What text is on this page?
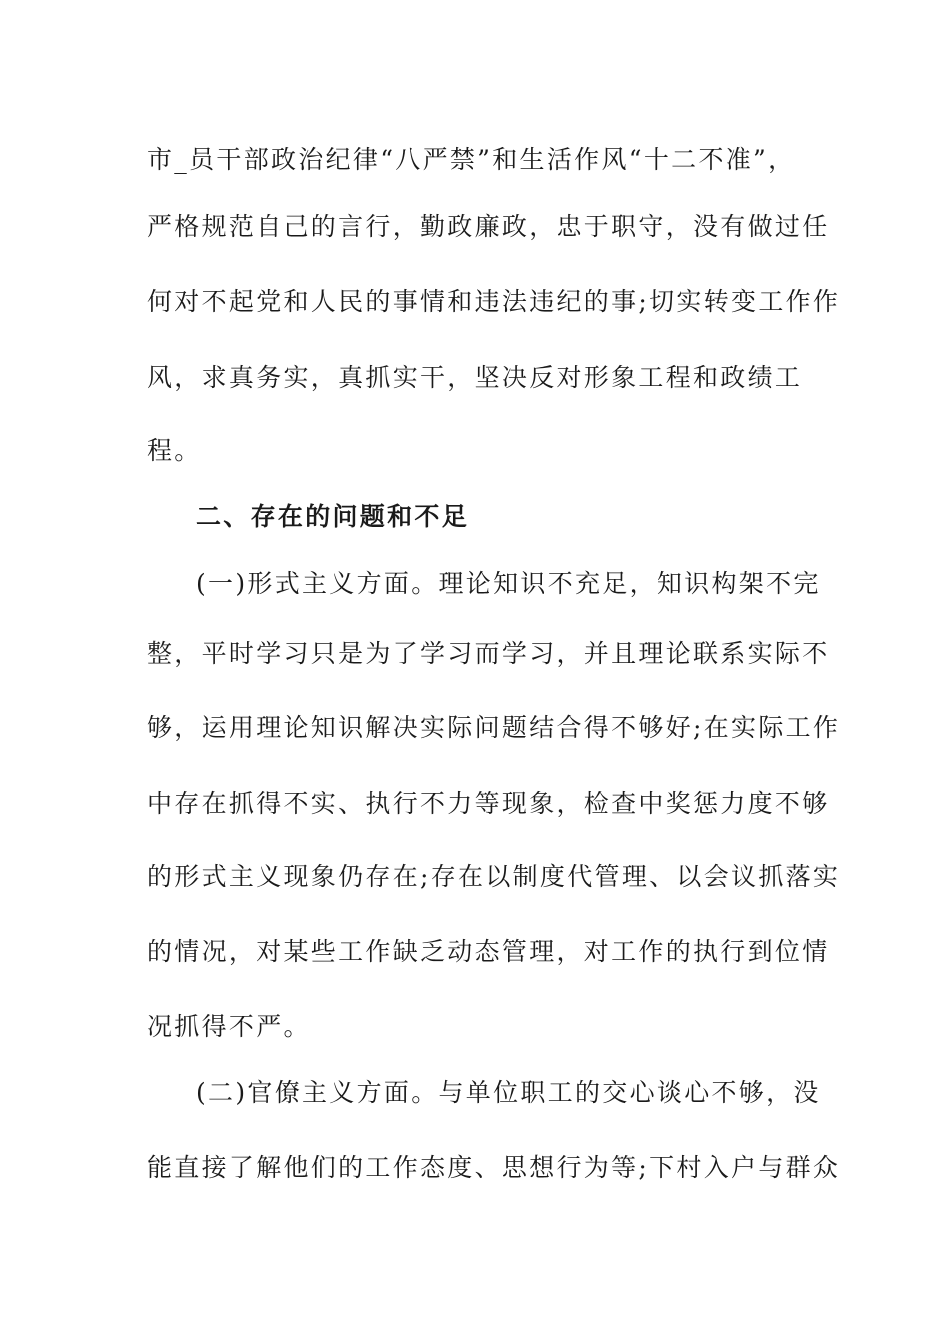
市_员干部政治纪律“八严禁”和生活作风“十二不准”，
严格规范自己的言行，勤政廉政，忠于职守，没有做过任
何对不起党和人民的事情和违法违纪的事;切实转变工作作
风，求真务实，真抓实干，坚决反对形象工程和政绩工
程。
二、存在的问题和不足
(一)形式主义方面。理论知识不充足，知识构架不完
整，平时学习只是为了学习而学习，并且理论联系实际不
够，运用理论知识解决实际问题结合得不够好;在实际工作
中存在抓得不实、执行不力等现象，检查中奖惩力度不够
的形式主义现象仍存在;存在以制度代管理、以会议抓落实
的情况，对某些工作缺乏动态管理，对工作的执行到位情
况抓得不严。
(二)官僚主义方面。与单位职工的交心谈心不够，没
能直接了解他们的工作态度、思想行为等;下村入户与群众
